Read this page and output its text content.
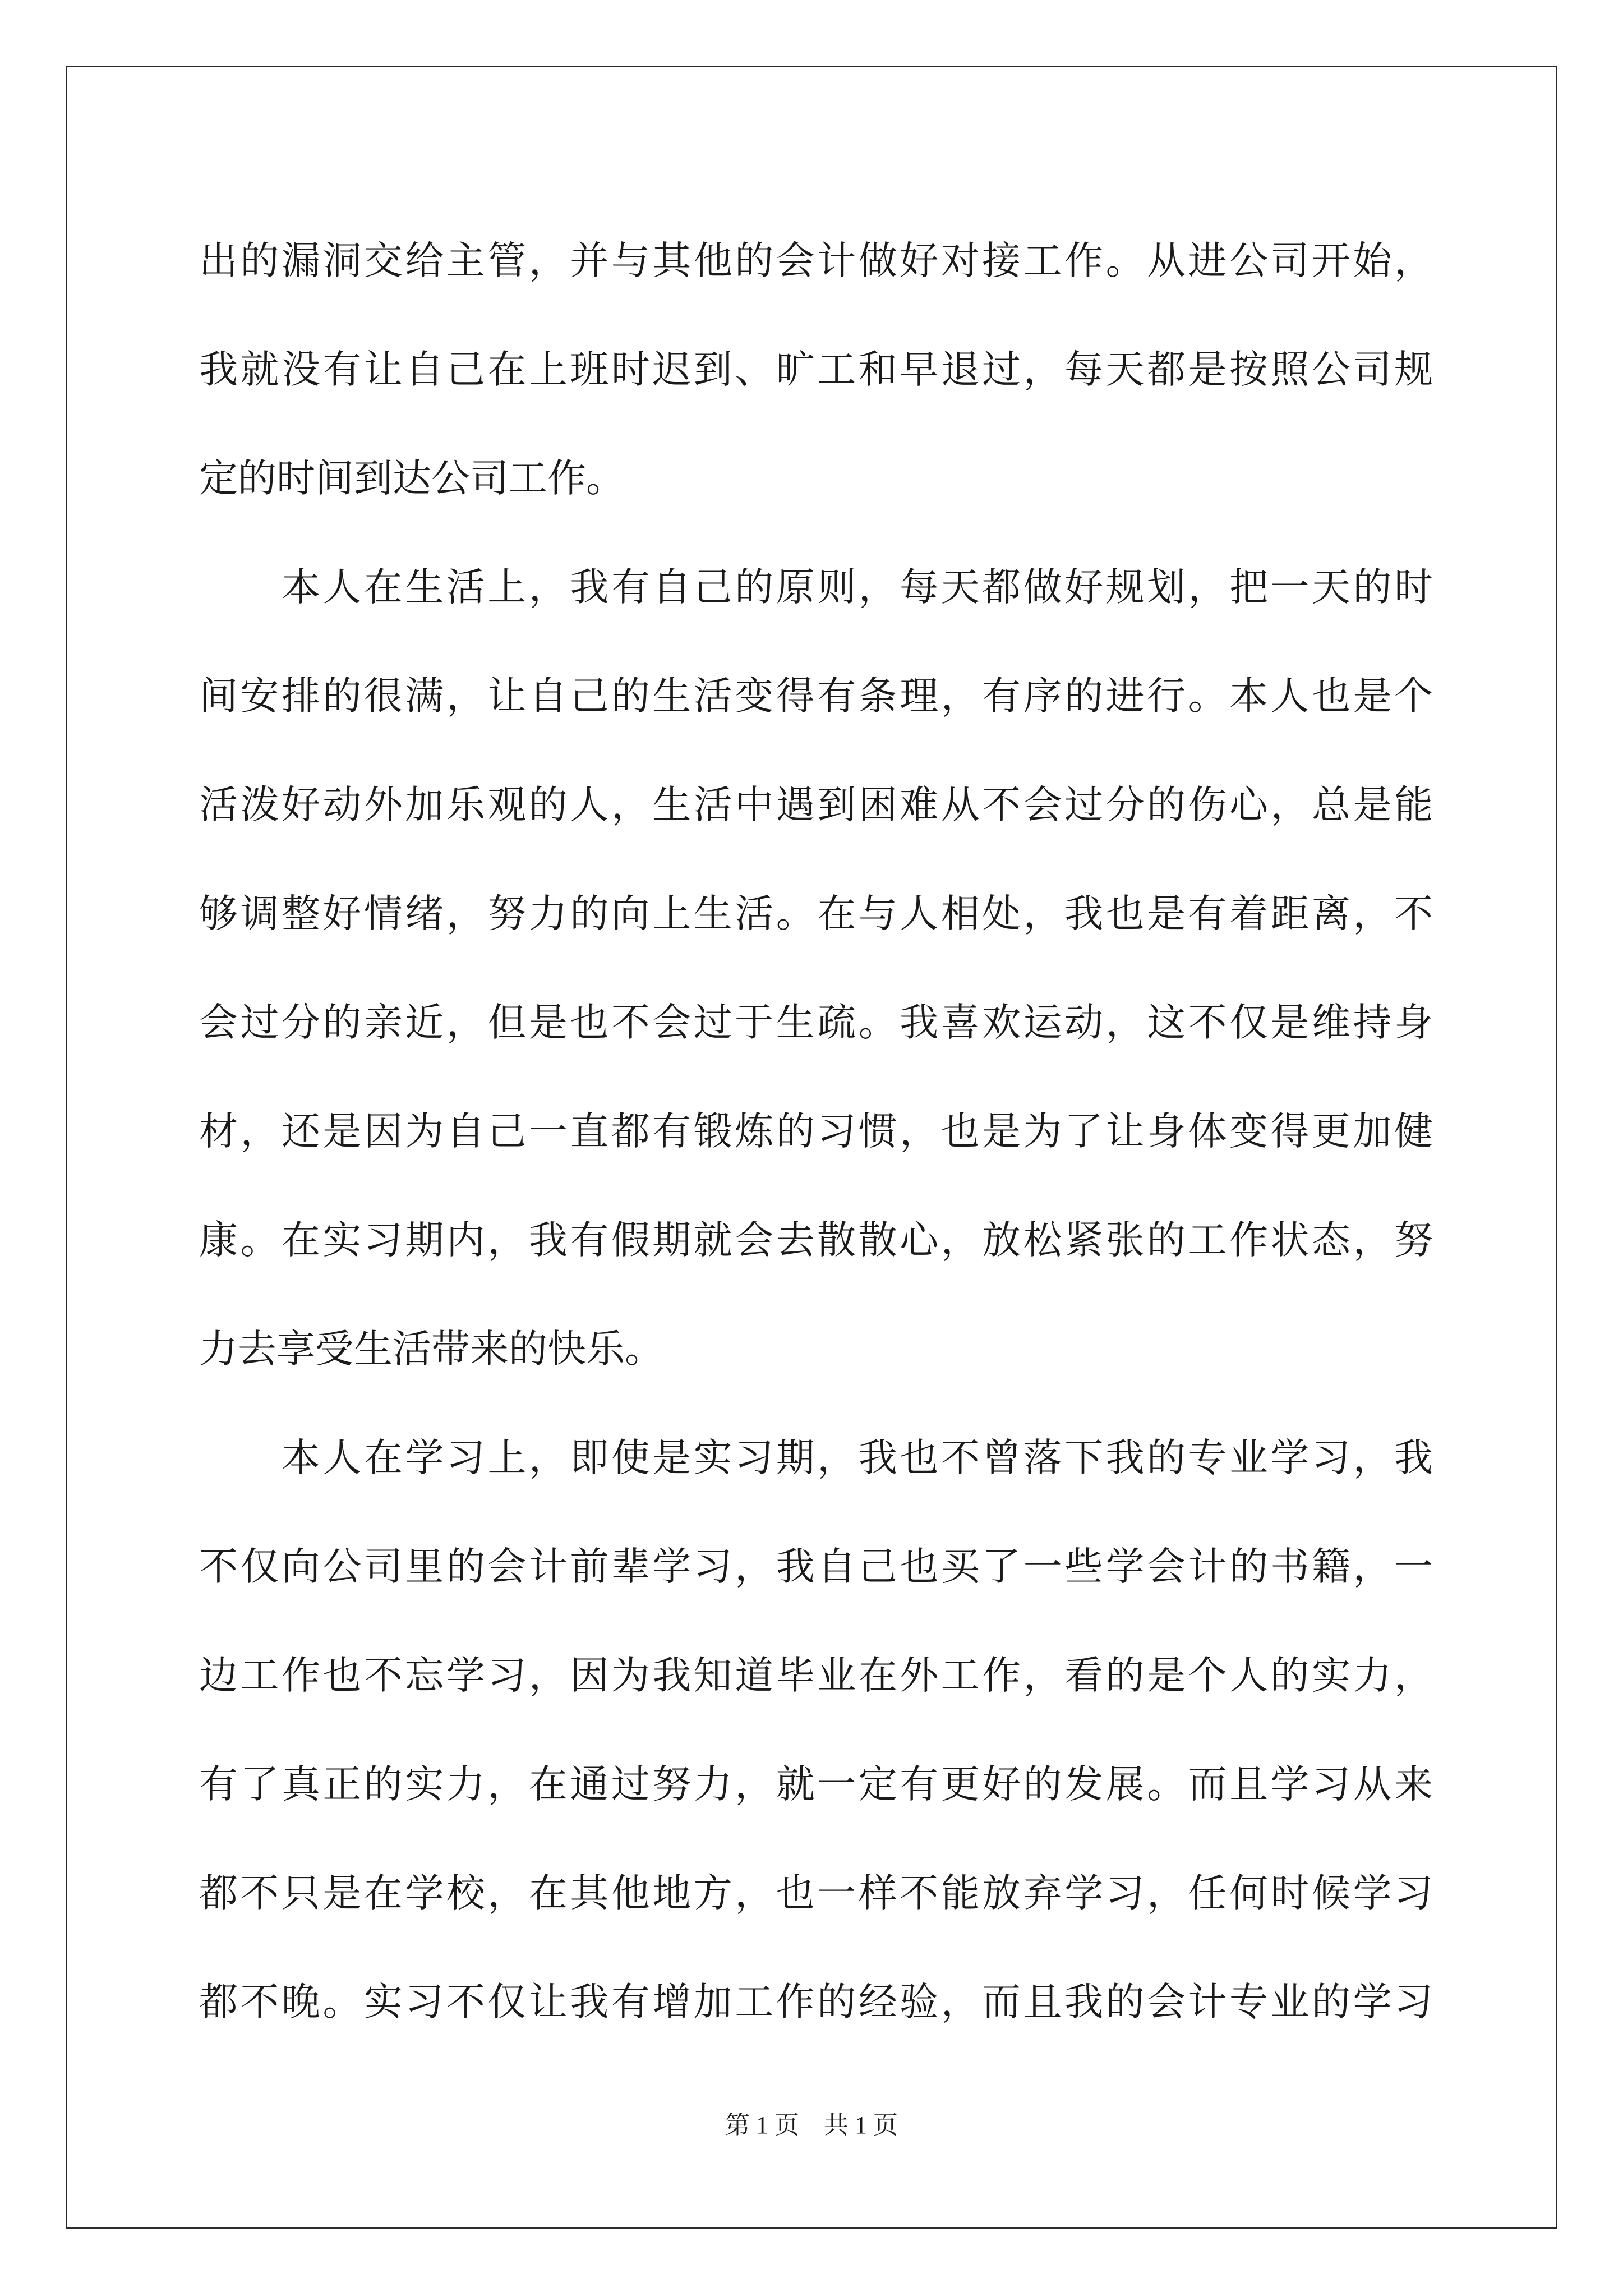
出的漏洞交给主管，并与其他的会计做好对接工作。从进公司开始，
我就没有让自己在上班时迟到、旷工和早退过，每天都是按照公司规
定的时间到达公司工作。
　　本人在生活上，我有自己的原则，每天都做好规划，把一天的时
间安排的很满，让自己的生活变得有条理，有序的进行。本人也是个
活泼好动外加乐观的人，生活中遇到困难从不会过分的伤心，总是能
够调整好情绪，努力的向上生活。在与人相处，我也是有着距离，不
会过分的亲近，但是也不会过于生疏。我喜欢运动，这不仅是维持身
材，还是因为自己一直都有锻炼的习惯，也是为了让身体变得更加健
康。在实习期内，我有假期就会去散散心，放松紧张的工作状态，努
力去享受生活带来的快乐。
　　本人在学习上，即使是实习期，我也不曾落下我的专业学习，我
不仅向公司里的会计前辈学习，我自己也买了一些学会计的书籍，一
边工作也不忘学习，因为我知道毕业在外工作，看的是个人的实力，
有了真正的实力，在通过努力，就一定有更好的发展。而且学习从来
都不只是在学校，在其他地方，也一样不能放弃学习，任何时候学习
都不晚。实习不仅让我有增加工作的经验，而且我的会计专业的学习
第 1 页　共 1 页
